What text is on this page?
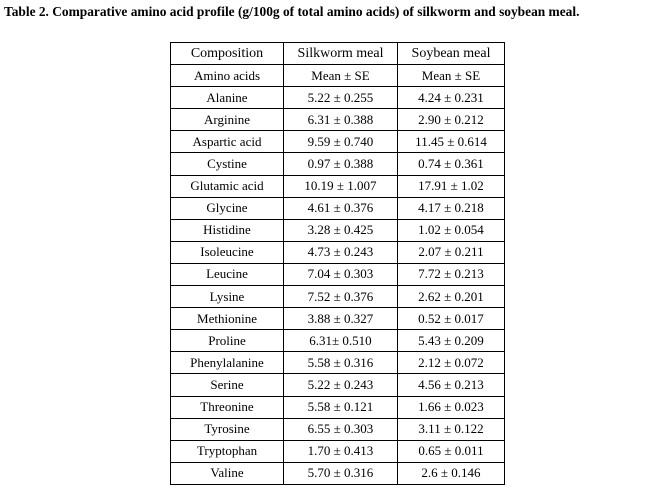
Table 2. Comparative amino acid profile (g/100g of total amino acids) of silkworm and soybean meal.
Composition	Silkworm meal	Soybean meal
Amino acids	Mean ± SE	Mean ± SE
Alanine	5.22 ± 0.255	4.24 ± 0.231
Arginine	6.31 ± 0.388	2.90 ± 0.212
Aspartic acid	9.59 ± 0.740	11.45 ± 0.614
Cystine	0.97 ± 0.388	0.74 ± 0.361
Glutamic acid	10.19 ± 1.007	17.91 ± 1.02
Glycine	4.61 ± 0.376	4.17 ± 0.218
Histidine	3.28 ± 0.425	1.02 ± 0.054
Isoleucine	4.73 ± 0.243	2.07 ± 0.211
Leucine	7.04 ± 0.303	7.72 ± 0.213
Lysine	7.52 ± 0.376	2.62 ± 0.201
Methionine	3.88 ± 0.327	0.52 ± 0.017
Proline	6.31± 0.510	5.43 ± 0.209
Phenylalanine	5.58 ± 0.316	2.12 ± 0.072
Serine	5.22 ± 0.243	4.56 ± 0.213
Threonine	5.58 ± 0.121	1.66 ± 0.023
Tyrosine	6.55 ± 0.303	3.11 ± 0.122
Tryptophan	1.70 ± 0.413	0.65 ± 0.011
Valine	5.70 ± 0.316	2.6 ± 0.146
